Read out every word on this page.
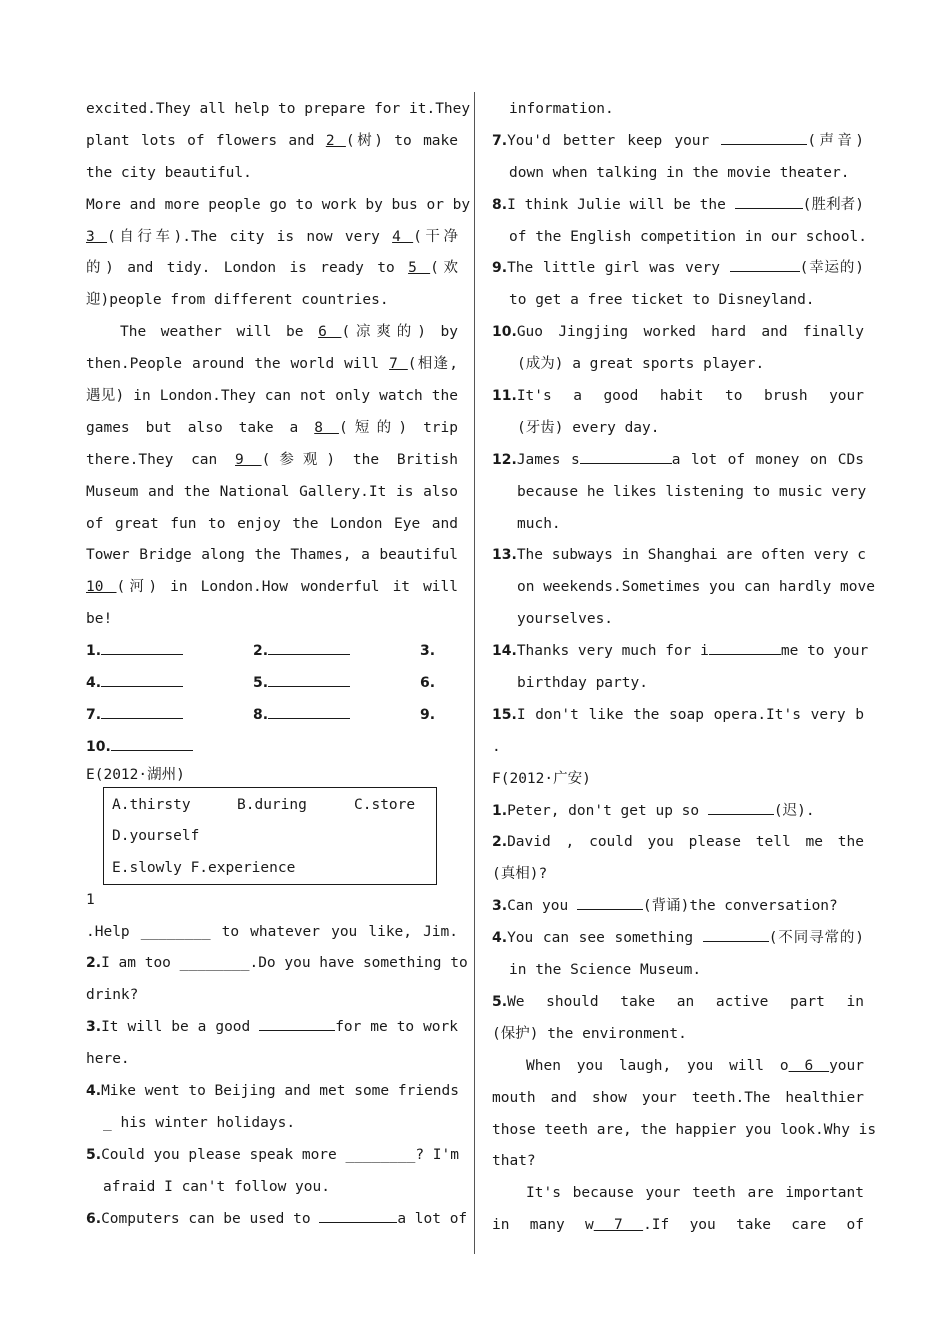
excited.They all help to prepare for it.They
plant lots of flowers and 2 (树) to make
the city beautiful.
More and more people go to work by bus or by
3 (自行车).The city is now very 4 (干净
的) and tidy. London is ready to 5 (欢
迎)people from different countries.
The weather will be 6 (凉爽的) by
then.People around the world will 7 (相逢,
遇见) in London.They can not only watch the
games but also take a 8 (短的) trip
there.They can 9 (参观) the British
Museum and the National Gallery.It is also
of great fun to enjoy the London Eye and
Tower Bridge along the Thames, a beautiful
10 (河) in London.How wonderful it will
be!
1.	2.	3.
4.	5.	6.
7.	8.	9.
10.
E(2012·湖州)
A.thirsty	B.during	C.store
D.yourself
E.slowly F.experience
1
.Help ________ to whatever you like, Jim.
2.I am too ________.Do you have something to
drink?
3.It will be a good	for me to work
here.
4.Mike went to Beijing and met some friends
_ his winter holidays.
5.Could you please speak more ________? I'm
afraid I can't follow you.
6.Computers can be used to	a lot of
information.
7.You'd better keep your	(声音)
down when talking in the movie theater.
8.I think Julie will be the	(胜利者)
of the English competition in our school.
9.The little girl was very	(幸运的)
to get a free ticket to Disneyland.
10.Guo Jingjing worked hard and finally
(成为) a great sports player.
11.It's a good habit to brush your
(牙齿) every day.
12.James s	a lot of money on CDs
because he likes listening to music very
much.
13.The subways in Shanghai are often very c
on weekends.Sometimes you can hardly move
yourselves.
14.Thanks very much for i	me to your
birthday party.
15.I don't like the soap opera.It's very b
.
F(2012·广安)
1.Peter, don't get up so	(迟).
2.David , could you please tell me the
(真相)?
3.Can you	(背诵)the conversation?
4.You can see something	(不同寻常的)
in the Science Museum.
5.We should take an active part in
(保护) the environment.
When you laugh, you will o 6 your
mouth and show your teeth.The healthier
those teeth are, the happier you look.Why is
that?
It's because your teeth are important
in many w 7 .If you take care of
